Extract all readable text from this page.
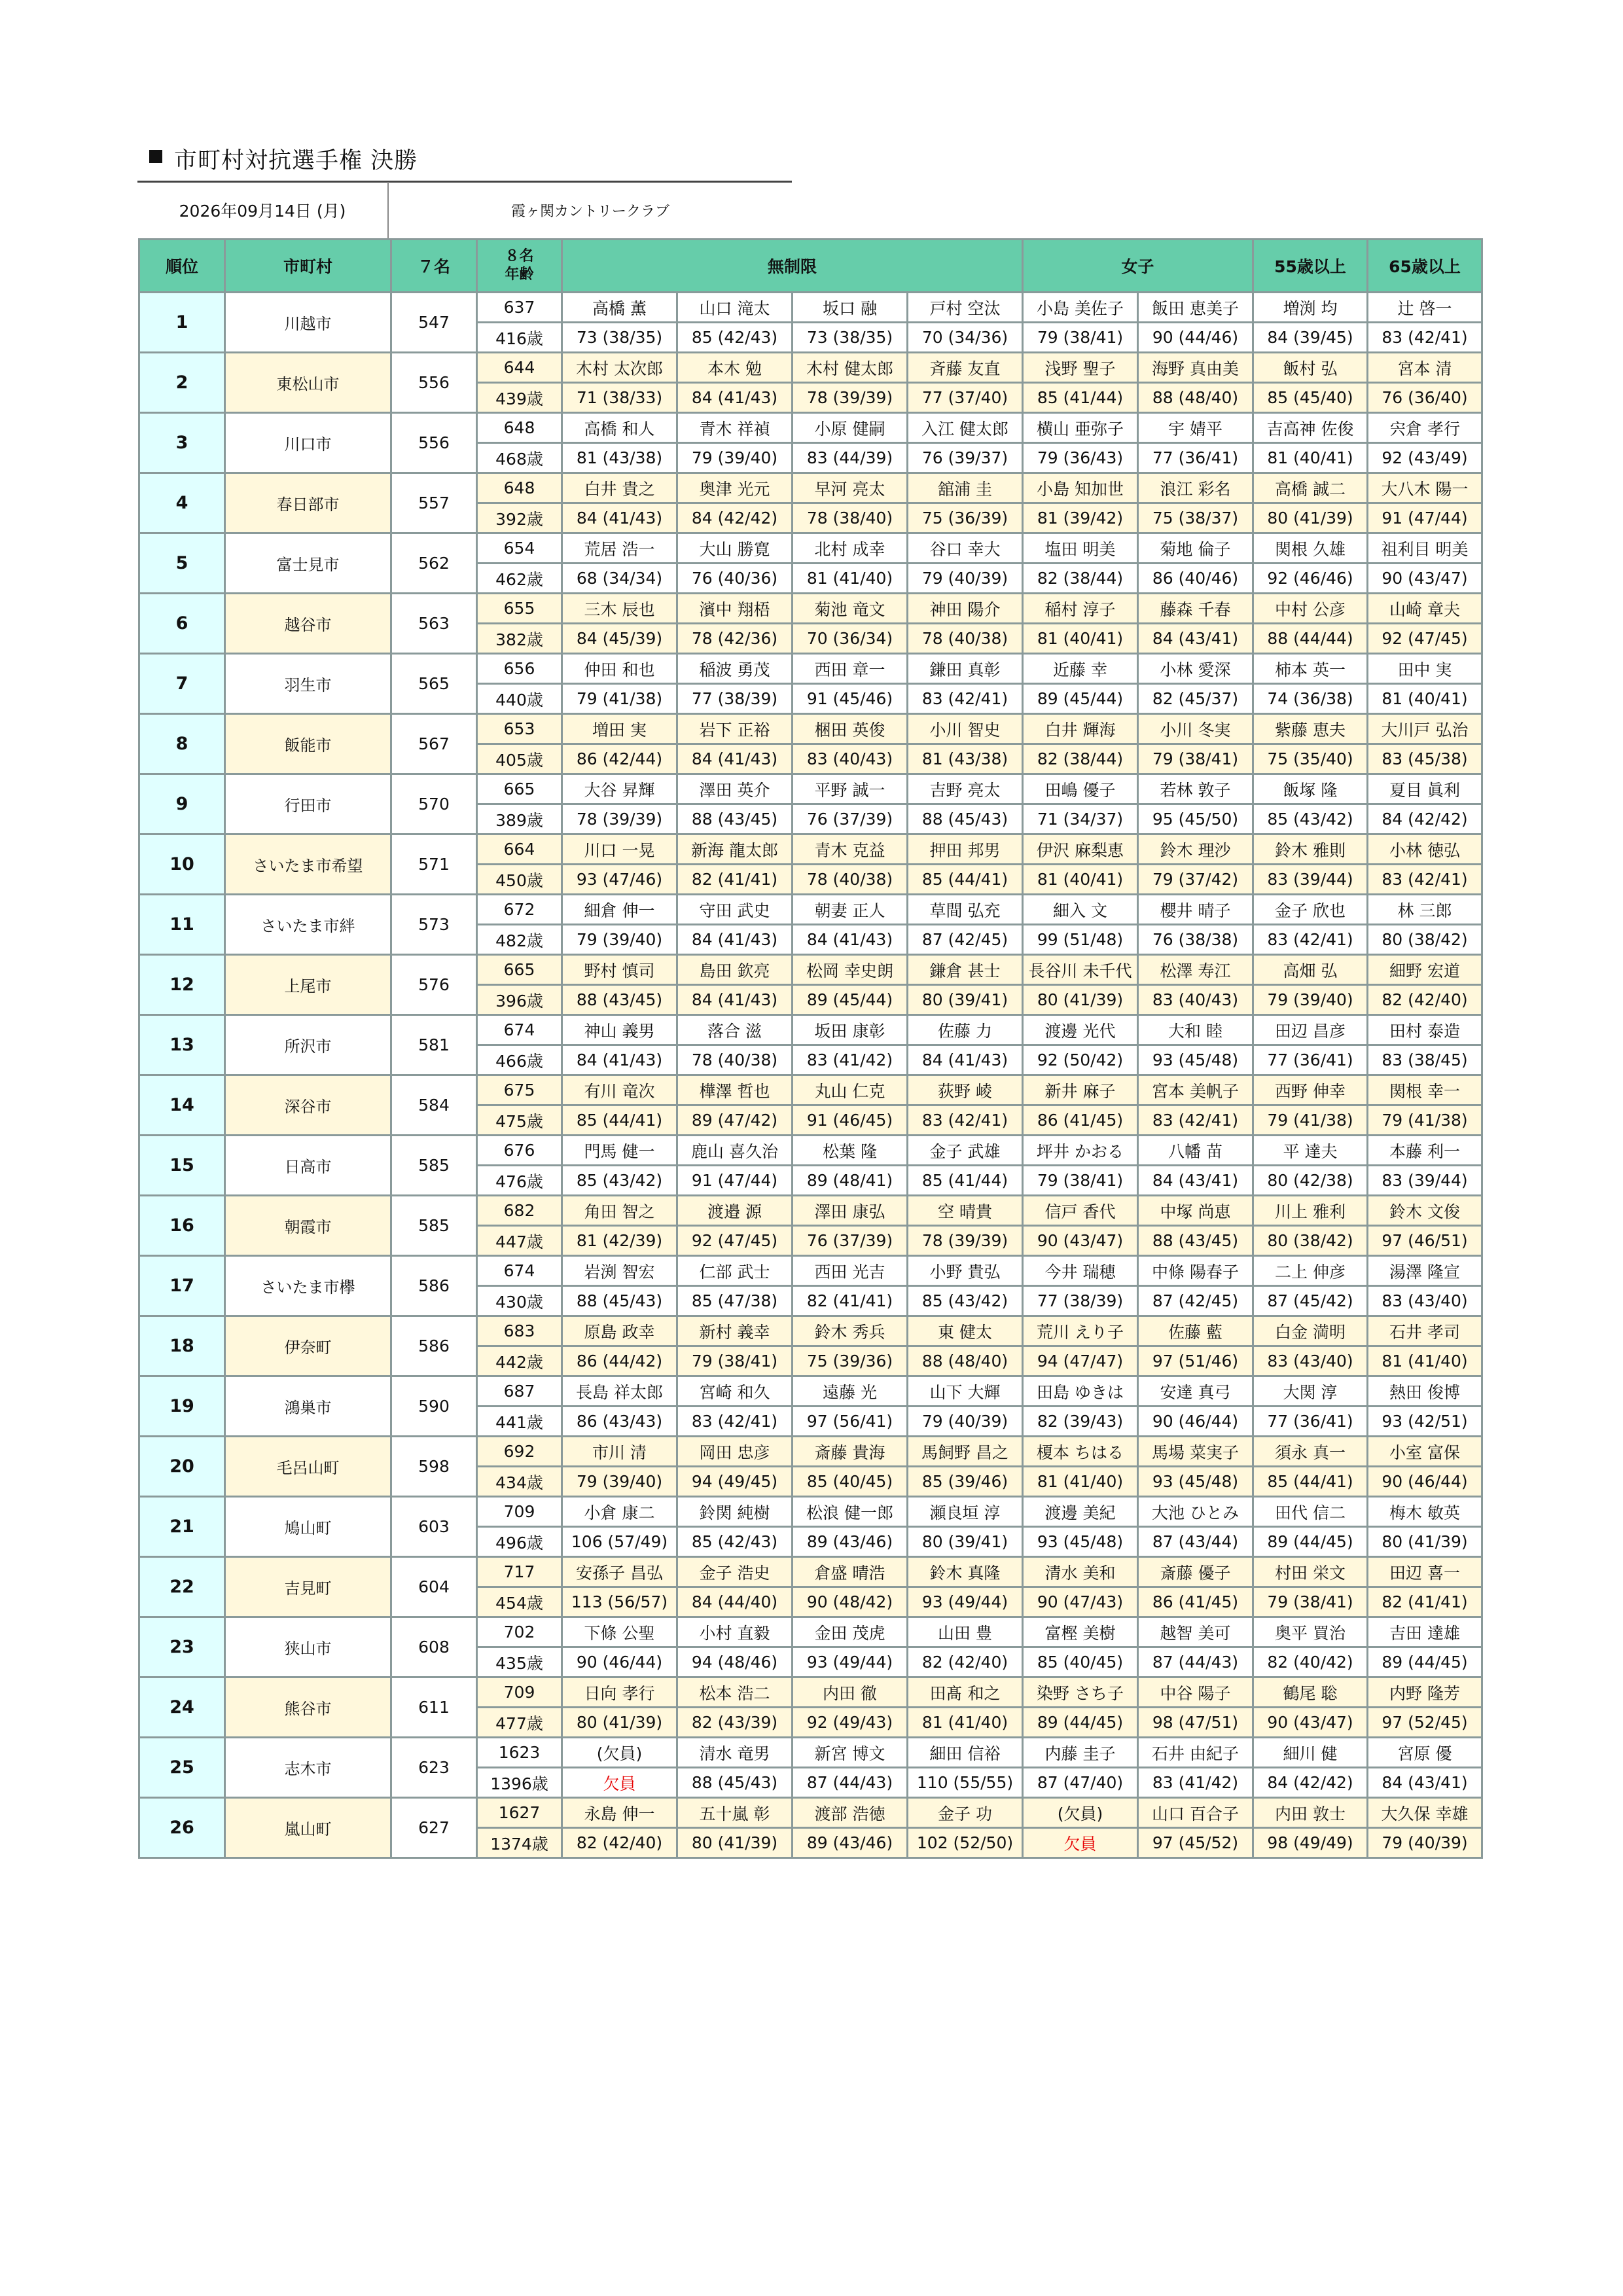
市町村対抗選手権 決勝
2026年09月14日 (月)	霞ヶ関カントリークラブ
順位	市町村	７名	８名
年齢	無制限				女子		55歳以上	65歳以上
1	川越市	547	637	高橋 薫	山口 滝太	坂口 融	戸村 空汰	小島 美佐子	飯田 恵美子	増渕 均	辻 啓一
			416歳	73 (38/35)	85 (42/43)	73 (38/35)	70 (34/36)	79 (38/41)	90 (44/46)	84 (39/45)	83 (42/41)
2	東松山市	556	644	木村 太次郎	本木 勉	木村 健太郎	斉藤 友直	浅野 聖子	海野 真由美	飯村 弘	宮本 清
			439歳	71 (38/33)	84 (41/43)	78 (39/39)	77 (37/40)	85 (41/44)	88 (48/40)	85 (45/40)	76 (36/40)
3	川口市	556	648	高橋 和人	青木 祥禎	小原 健嗣	入江 健太郎	横山 亜弥子	宇 婧平	吉高神 佐俊	宍倉 孝行
			468歳	81 (43/38)	79 (39/40)	83 (44/39)	76 (39/37)	79 (36/43)	77 (36/41)	81 (40/41)	92 (43/49)
4	春日部市	557	648	白井 貴之	奥津 光元	早河 亮太	舘浦 圭	小島 知加世	浪江 彩名	高橋 誠二	大八木 陽一
			392歳	84 (41/43)	84 (42/42)	78 (38/40)	75 (36/39)	81 (39/42)	75 (38/37)	80 (41/39)	91 (47/44)
5	富士見市	562	654	荒居 浩一	大山 勝寛	北村 成幸	谷口 幸大	塩田 明美	菊地 倫子	関根 久雄	祖利目 明美
			462歳	68 (34/34)	76 (40/36)	81 (41/40)	79 (40/39)	82 (38/44)	86 (40/46)	92 (46/46)	90 (43/47)
6	越谷市	563	655	三木 辰也	濱中 翔梧	菊池 竜文	神田 陽介	稲村 淳子	藤森 千春	中村 公彦	山崎 章夫
			382歳	84 (45/39)	78 (42/36)	70 (36/34)	78 (40/38)	81 (40/41)	84 (43/41)	88 (44/44)	92 (47/45)
7	羽生市	565	656	仲田 和也	稲波 勇茂	西田 章一	鎌田 真彰	近藤 幸	小林 愛深	柿本 英一	田中 実
			440歳	79 (41/38)	77 (38/39)	91 (45/46)	83 (42/41)	89 (45/44)	82 (45/37)	74 (36/38)	81 (40/41)
8	飯能市	567	653	増田 実	岩下 正裕	梱田 英俊	小川 智史	白井 輝海	小川 冬実	紫藤 恵夫	大川戸 弘治
			405歳	86 (42/44)	84 (41/43)	83 (40/43)	81 (43/38)	82 (38/44)	79 (38/41)	75 (35/40)	83 (45/38)
9	行田市	570	665	大谷 昇輝	澤田 英介	平野 誠一	吉野 亮太	田嶋 優子	若林 敦子	飯塚 隆	夏目 眞利
			389歳	78 (39/39)	88 (43/45)	76 (37/39)	88 (45/43)	71 (34/37)	95 (45/50)	85 (43/42)	84 (42/42)
10	さいたま市希望	571	664	川口 一晃	新海 龍太郎	青木 克益	押田 邦男	伊沢 麻梨恵	鈴木 理沙	鈴木 雅則	小林 徳弘
			450歳	93 (47/46)	82 (41/41)	78 (40/38)	85 (44/41)	81 (40/41)	79 (37/42)	83 (39/44)	83 (42/41)
11	さいたま市絆	573	672	細倉 伸一	守田 武史	朝妻 正人	草間 弘充	細入 文	櫻井 晴子	金子 欣也	林 三郎
			482歳	79 (39/40)	84 (41/43)	84 (41/43)	87 (42/45)	99 (51/48)	76 (38/38)	83 (42/41)	80 (38/42)
12	上尾市	576	665	野村 慎司	島田 欽亮	松岡 幸史朗	鎌倉 甚士	長谷川 未千代	松澤 寿江	高畑 弘	細野 宏道
			396歳	88 (43/45)	84 (41/43)	89 (45/44)	80 (39/41)	80 (41/39)	83 (40/43)	79 (39/40)	82 (42/40)
13	所沢市	581	674	神山 義男	落合 滋	坂田 康彰	佐藤 力	渡邊 光代	大和 睦	田辺 昌彦	田村 泰造
			466歳	84 (41/43)	78 (40/38)	83 (41/42)	84 (41/43)	92 (50/42)	93 (45/48)	77 (36/41)	83 (38/45)
14	深谷市	584	675	有川 竜次	樺澤 哲也	丸山 仁克	荻野 崚	新井 麻子	宮本 美帆子	西野 伸幸	関根 幸一
			475歳	85 (44/41)	89 (47/42)	91 (46/45)	83 (42/41)	86 (41/45)	83 (42/41)	79 (41/38)	79 (41/38)
15	日高市	585	676	門馬 健一	鹿山 喜久治	松葉 隆	金子 武雄	坪井 かおる	八幡 苗	平 達夫	本藤 利一
			476歳	85 (43/42)	91 (47/44)	89 (48/41)	85 (41/44)	79 (38/41)	84 (43/41)	80 (42/38)	83 (39/44)
16	朝霞市	585	682	角田 智之	渡邉 源	澤田 康弘	空 晴貴	信戸 香代	中塚 尚恵	川上 雅利	鈴木 文俊
			447歳	81 (42/39)	92 (47/45)	76 (37/39)	78 (39/39)	90 (43/47)	88 (43/45)	80 (38/42)	97 (46/51)
17	さいたま市欅	586	674	岩渕 智宏	仁部 武士	西田 光吉	小野 貴弘	今井 瑞穂	中條 陽春子	二上 伸彦	湯澤 隆宣
			430歳	88 (45/43)	85 (47/38)	82 (41/41)	85 (43/42)	77 (38/39)	87 (42/45)	87 (45/42)	83 (43/40)
18	伊奈町	586	683	原島 政幸	新村 義幸	鈴木 秀兵	東 健太	荒川 えり子	佐藤 藍	白金 満明	石井 孝司
			442歳	86 (44/42)	79 (38/41)	75 (39/36)	88 (48/40)	94 (47/47)	97 (51/46)	83 (43/40)	81 (41/40)
19	鴻巣市	590	687	長島 祥太郎	宮崎 和久	遠藤 光	山下 大輝	田島 ゆきは	安達 真弓	大関 淳	熱田 俊博
			441歳	86 (43/43)	83 (42/41)	97 (56/41)	79 (40/39)	82 (39/43)	90 (46/44)	77 (36/41)	93 (42/51)
20	毛呂山町	598	692	市川 清	岡田 忠彦	斎藤 貴海	馬飼野 昌之	榎本 ちはる	馬場 菜実子	須永 真一	小室 富保
			434歳	79 (39/40)	94 (49/45)	85 (40/45)	85 (39/46)	81 (41/40)	93 (45/48)	85 (44/41)	90 (46/44)
21	鳩山町	603	709	小倉 康二	鈴関 純樹	松浪 健一郎	瀬良垣 淳	渡邊 美紀	大池 ひとみ	田代 信二	梅木 敏英
			496歳	106 (57/49)	85 (42/43)	89 (43/46)	80 (39/41)	93 (45/48)	87 (43/44)	89 (44/45)	80 (41/39)
22	吉見町	604	717	安孫子 昌弘	金子 浩史	倉盛 晴浩	鈴木 真隆	清水 美和	斎藤 優子	村田 栄文	田辺 喜一
			454歳	113 (56/57)	84 (44/40)	90 (48/42)	93 (49/44)	90 (47/43)	86 (41/45)	79 (38/41)	82 (41/41)
23	狭山市	608	702	下條 公聖	小村 直毅	金田 茂虎	山田 豊	富樫 美樹	越智 美可	奥平 買治	吉田 達雄
			435歳	90 (46/44)	94 (48/46)	93 (49/44)	82 (42/40)	85 (40/45)	87 (44/43)	82 (40/42)	89 (44/45)
24	熊谷市	611	709	日向 孝行	松本 浩二	内田 徹	田髙 和之	染野 さち子	中谷 陽子	鶴尾 聡	内野 隆芳
			477歳	80 (41/39)	82 (43/39)	92 (49/43)	81 (41/40)	89 (44/45)	98 (47/51)	90 (43/47)	97 (52/45)
25	志木市	623	1623	(欠員)	清水 竜男	新宮 博文	細田 信裕	内藤 圭子	石井 由紀子	細川 健	宮原 優
			1396歳	欠員	88 (45/43)	87 (44/43)	110 (55/55)	87 (47/40)	83 (41/42)	84 (42/42)	84 (43/41)
26	嵐山町	627	1627	永島 伸一	五十嵐 彰	渡部 浩徳	金子 功	(欠員)	山口 百合子	内田 敦士	大久保 幸雄
			1374歳	82 (42/40)	80 (41/39)	89 (43/46)	102 (52/50)	欠員	97 (45/52)	98 (49/49)	79 (40/39)
